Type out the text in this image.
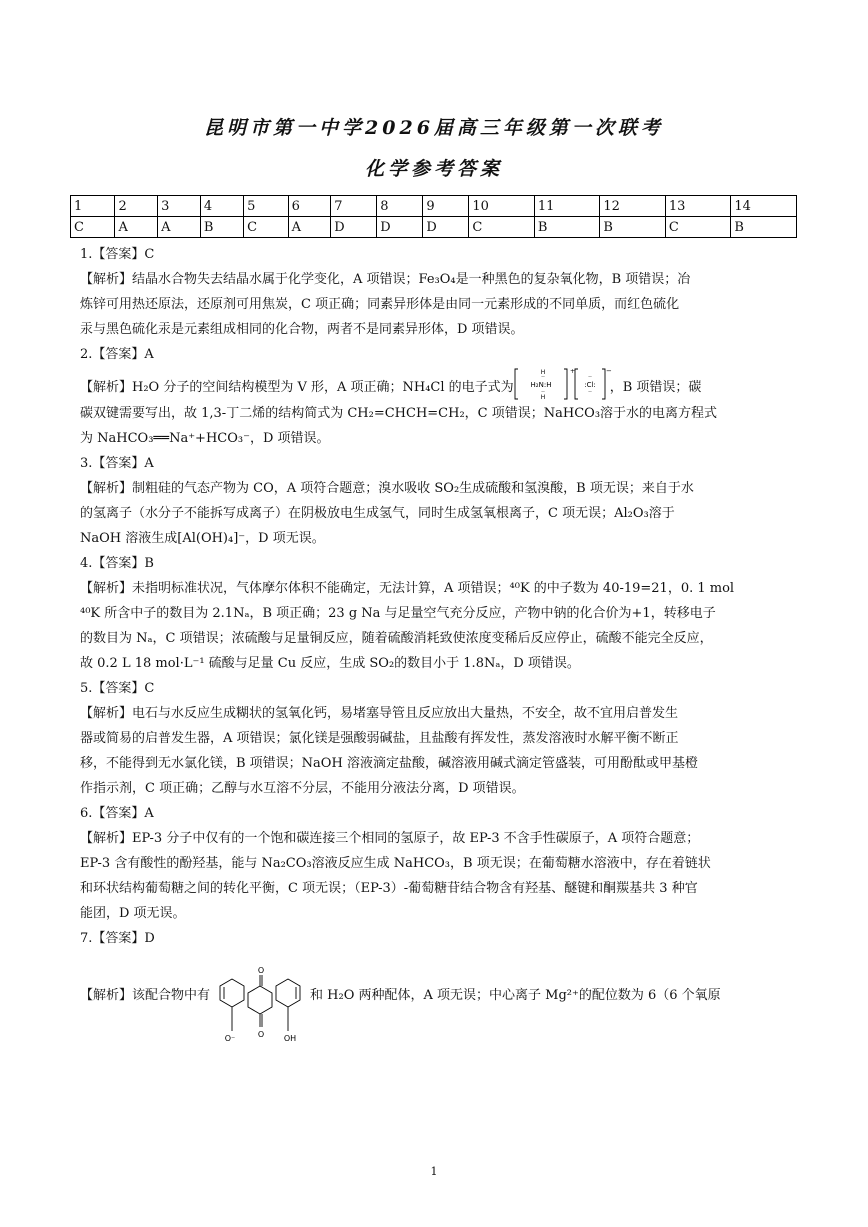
昆明市第一中学2026届高三年级第一次联考
化学参考答案
1	2	3	4	5	6	7	8	9	10	11	12	13	14
C	A	A	B	C	A	D	D	D	C	B	B	C	B

1.【答案】C

【解析】结晶水合物失去结晶水属于化学变化，A 项错误；Fe₃O₄是一种黑色的复杂氧化物，B 项错误；冶

炼锌可用热还原法，还原剂可用焦炭，C 项正确；同素异形体是由同一元素形成的不同单质，而红色硫化

汞与黑色硫化汞是元素组成相同的化合物，两者不是同素异形体，D 项错误。

2.【答案】A

【解析】H₂O 分子的空间结构模型为 V 形，A 项正确；NH₄Cl 的电子式为
H
··
H₂N:H
··
H
+
:Cl:
··
··
−
，B 项错误；碳

碳双键需要写出，故 1,3-丁二烯的结构简式为 CH₂=CHCH=CH₂，C 项错误；NaHCO₃溶于水的电离方程式

为 NaHCO₃══Na⁺+HCO₃⁻，D 项错误。

3.【答案】A

【解析】制粗硅的气态产物为 CO，A 项符合题意；溴水吸收 SO₂生成硫酸和氢溴酸，B 项无误；来自于水

的氢离子（水分子不能拆写成离子）在阴极放电生成氢气，同时生成氢氧根离子，C 项无误；Al₂O₃溶于

NaOH 溶液生成[Al(OH)₄]⁻，D 项无误。

4.【答案】B

【解析】未指明标准状况，气体摩尔体积不能确定，无法计算，A 项错误；⁴⁰K 的中子数为 40-19=21，0. 1 mol

⁴⁰K 所含中子的数目为 2.1Nₐ，B 项正确；23 g Na 与足量空气充分反应，产物中钠的化合价为+1，转移电子

的数目为 Nₐ，C 项错误；浓硫酸与足量铜反应，随着硫酸消耗致使浓度变稀后反应停止，硫酸不能完全反应，

故 0.2 L 18 mol·L⁻¹ 硫酸与足量 Cu 反应，生成 SO₂的数目小于 1.8Nₐ，D 项错误。

5.【答案】C

【解析】电石与水反应生成糊状的氢氧化钙，易堵塞导管且反应放出大量热，不安全，故不宜用启普发生

器或简易的启普发生器，A 项错误；氯化镁是强酸弱碱盐，且盐酸有挥发性，蒸发溶液时水解平衡不断正

移，不能得到无水氯化镁，B 项错误；NaOH 溶液滴定盐酸，碱溶液用碱式滴定管盛装，可用酚酞或甲基橙

作指示剂，C 项正确；乙醇与水互溶不分层，不能用分液法分离，D 项错误。

6.【答案】A

【解析】EP-3 分子中仅有的一个饱和碳连接三个相同的氢原子，故 EP-3 不含手性碳原子，A 项符合题意；

EP-3 含有酸性的酚羟基，能与 Na₂CO₃溶液反应生成 NaHCO₃，B 项无误；在葡萄糖水溶液中，存在着链状

和环状结构葡萄糖之间的转化平衡，C 项无误；（EP-3）-葡萄糖苷结合物含有羟基、醚键和酮羰基共 3 种官

能团，D 项无误。

7.【答案】D

【解析】该配合物中有
O
O
O⁻	OH
和 H₂O 两种配体，A 项无误；中心离子 Mg²⁺的配位数为 6（6 个氧原

1
